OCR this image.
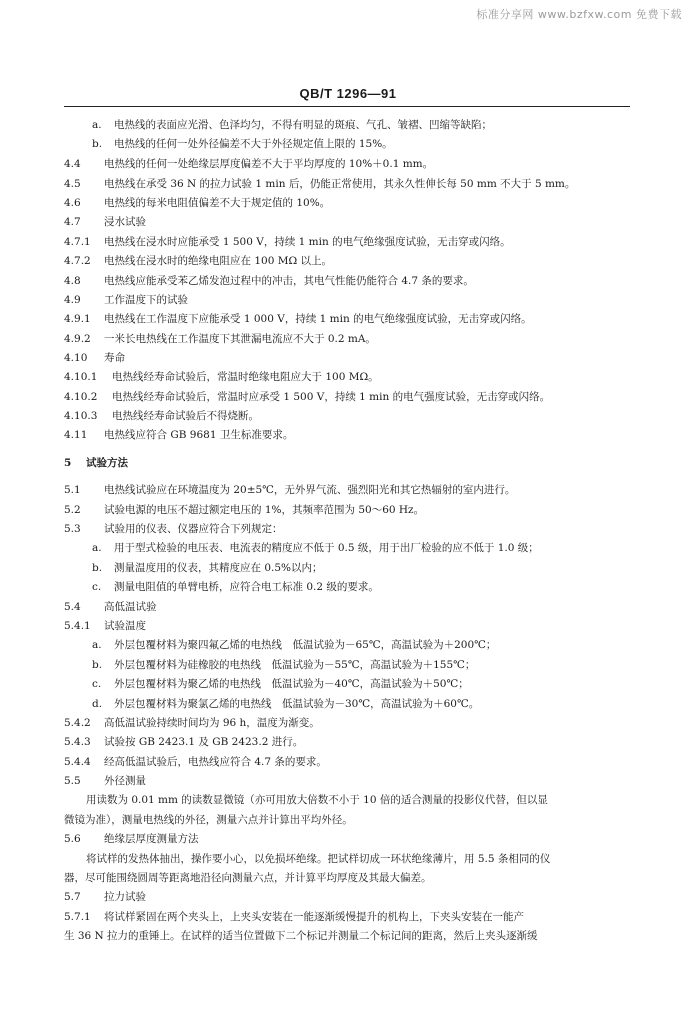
标准分享网 www.bzfxw.com 免费下载
QB/T 1296—91
a. 电热线的表面应光滑、色泽均匀，不得有明显的斑痕、气孔、皱褶、凹缩等缺陷；
b. 电热线的任何一处外径偏差不大于外径规定值上限的 15%。
4.4 电热线的任何一处绝缘层厚度偏差不大于平均厚度的 10%＋0.1 mm。
4.5 电热线在承受 36 N 的拉力试验 1 min 后，仍能正常使用，其永久性伸长每 50 mm 不大于 5 mm。
4.6 电热线的每米电阻值偏差不大于规定值的 10%。
4.7 浸水试验
4.7.1 电热线在浸水时应能承受 1 500 V，持续 1 min 的电气绝缘强度试验，无击穿或闪络。
4.7.2 电热线在浸水时的绝缘电阻应在 100 MΩ 以上。
4.8 电热线应能承受苯乙烯发泡过程中的冲击，其电气性能仍能符合 4.7 条的要求。
4.9 工作温度下的试验
4.9.1 电热线在工作温度下应能承受 1 000 V，持续 1 min 的电气绝缘强度试验，无击穿或闪络。
4.9.2 一米长电热线在工作温度下其泄漏电流应不大于 0.2 mA。
4.10 寿命
4.10.1 电热线经寿命试验后，常温时绝缘电阻应大于 100 MΩ。
4.10.2 电热线经寿命试验后，常温时应承受 1 500 V，持续 1 min 的电气强度试验，无击穿或闪络。
4.10.3 电热线经寿命试验后不得烧断。
4.11 电热线应符合 GB 9681 卫生标准要求。
5 试验方法
5.1 电热线试验应在环境温度为 20±5℃，无外界气流、强烈阳光和其它热辐射的室内进行。
5.2 试验电源的电压不超过额定电压的 1%，其频率范围为 50～60 Hz。
5.3 试验用的仪表、仪器应符合下列规定：
a. 用于型式检验的电压表、电流表的精度应不低于 0.5 级，用于出厂检验的应不低于 1.0 级；
b. 测量温度用的仪表，其精度应在 0.5%以内；
c. 测量电阻值的单臂电桥，应符合电工标准 0.2 级的要求。
5.4 高低温试验
5.4.1 试验温度
a. 外层包覆材料为聚四氟乙烯的电热线　低温试验为－65℃，高温试验为＋200℃；
b. 外层包覆材料为硅橡胶的电热线　低温试验为－55℃，高温试验为＋155℃；
c. 外层包覆材料为聚乙烯的电热线　低温试验为－40℃，高温试验为＋50℃；
d. 外层包覆材料为聚氯乙烯的电热线　低温试验为－30℃，高温试验为＋60℃。
5.4.2 高低温试验持续时间均为 96 h，温度为渐变。
5.4.3 试验按 GB 2423.1 及 GB 2423.2 进行。
5.4.4 经高低温试验后，电热线应符合 4.7 条的要求。
5.5 外径测量
用读数为 0.01 mm 的读数显微镜（亦可用放大倍数不小于 10 倍的适合测量的投影仪代替，但以显
微镜为准），测量电热线的外径，测量六点并计算出平均外径。
5.6 绝缘层厚度测量方法
将试样的发热体抽出，操作要小心，以免损坏绝缘。把试样切成一环状绝缘薄片，用 5.5 条相同的仪
器，尽可能围绕圆周等距离地沿径向测量六点，并计算平均厚度及其最大偏差。
5.7 拉力试验
5.7.1 将试样紧固在两个夹头上，上夹头安装在一能逐渐缓慢提升的机构上，下夹头安装在一能产
生 36 N 拉力的重锤上。在试样的适当位置做下二个标记并测量二个标记间的距离，然后上夹头逐渐缓
